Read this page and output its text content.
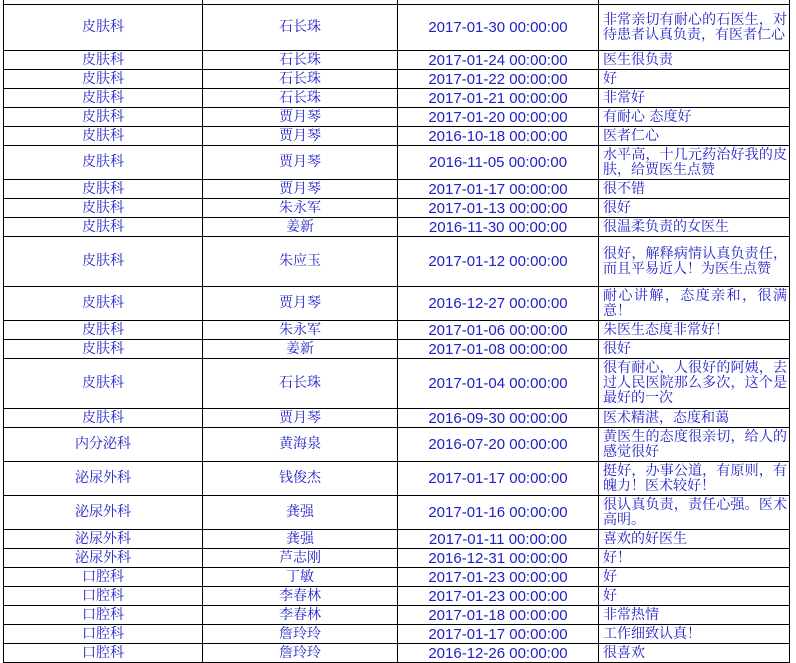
皮肤科	石长珠	2017-01-30 00:00:00	非常亲切有耐心的石医生，对待患者认真负责，有医者仁心
皮肤科	石长珠	2017-01-24 00:00:00	医生很负责
皮肤科	石长珠	2017-01-22 00:00:00	好
皮肤科	石长珠	2017-01-21 00:00:00	非常好
皮肤科	贾月琴	2017-01-20 00:00:00	有耐心 态度好
皮肤科	贾月琴	2016-10-18 00:00:00	医者仁心
皮肤科	贾月琴	2016-11-05 00:00:00	水平高，十几元药治好我的皮肤，给贾医生点赞
皮肤科	贾月琴	2017-01-17 00:00:00	很不错
皮肤科	朱永军	2017-01-13 00:00:00	很好
皮肤科	姜新	2016-11-30 00:00:00	很温柔负责的女医生
皮肤科	朱应玉	2017-01-12 00:00:00	很好，解释病情认真负责任，而且平易近人！为医生点赞
皮肤科	贾月琴	2016-12-27 00:00:00	耐心讲解，态度亲和，很满意！
皮肤科	朱永军	2017-01-06 00:00:00	朱医生态度非常好！
皮肤科	姜新	2017-01-08 00:00:00	很好
皮肤科	石长珠	2017-01-04 00:00:00	很有耐心，人很好的阿姨，去过人民医院那么多次，这个是最好的一次
皮肤科	贾月琴	2016-09-30 00:00:00	医术精湛，态度和蔼
内分泌科	黄海泉	2016-07-20 00:00:00	黄医生的态度很亲切，给人的感觉很好
泌尿外科	钱俊杰	2017-01-17 00:00:00	挺好，办事公道，有原则，有魄力！医术较好！
泌尿外科	龚强	2017-01-16 00:00:00	很认真负责，责任心强。医术高明。
泌尿外科	龚强	2017-01-11 00:00:00	喜欢的好医生
泌尿外科	芦志刚	2016-12-31 00:00:00	好！
口腔科	丁敏	2017-01-23 00:00:00	好
口腔科	李春林	2017-01-23 00:00:00	好
口腔科	李春林	2017-01-18 00:00:00	非常热情
口腔科	詹玲玲	2017-01-17 00:00:00	工作细致认真！
口腔科	詹玲玲	2016-12-26 00:00:00	很喜欢
